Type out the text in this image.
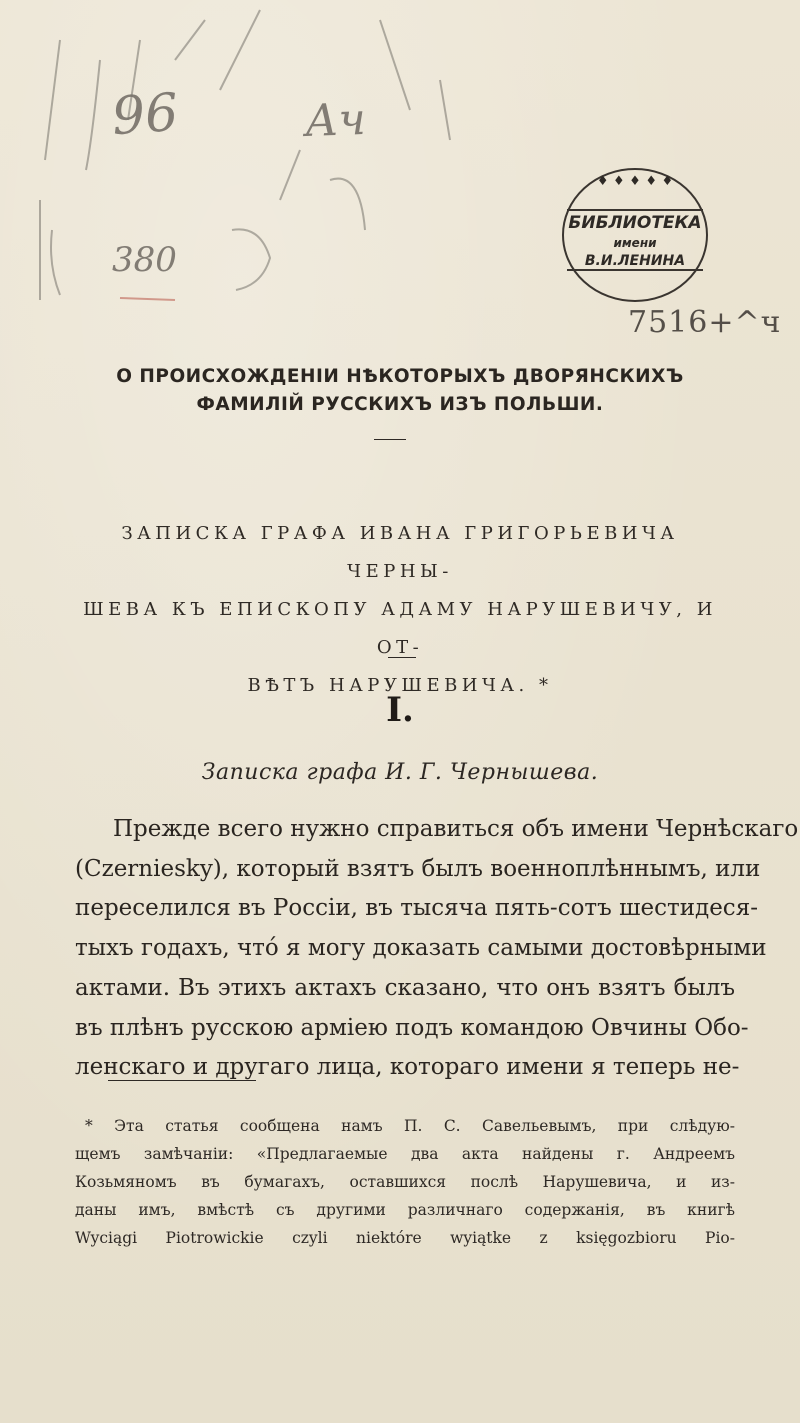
96	Ач
380
7516+^ч
♦ ♦ ♦ ♦ ♦
БИБЛИОТЕКА
имени
В.И.ЛЕНИНА
О ПРОИСХОЖДЕНІИ НѢКОТОРЫХЪ ДВОРЯНСКИХЪ
ФАМИЛІЙ РУССКИХЪ ИЗЪ ПОЛЬШИ.
ЗАПИСКА ГРАФА ИВАНА ГРИГОРЬЕВИЧА ЧЕРНЫ-
ШЕВА КЪ ЕПИСКОПУ АДАМУ НАРУШЕВИЧУ, И ОТ-
ВѢТЪ НАРУШЕВИЧА. *
I.
Записка графа И. Г. Чернышева.
Прежде всего нужно справиться объ имени Чернѣскаго
(Czerniesky), который взятъ былъ военноплѣннымъ, или
переселился въ Россіи, въ тысяча пять-сотъ шестидеся-
тыхъ годахъ, что́ я могу доказать самыми достовѣрными
актами. Въ этихъ актахъ сказано, что онъ взятъ былъ
въ плѣнъ русскою арміею подъ командою Овчины Обо-
ленскаго и другаго лица, котораго имени я теперь не-
* Эта статья сообщена намъ П. С. Савельевымъ, при слѣдую-
щемъ замѣчаніи: «Предлагаемые два акта найдены г. Андреемъ
Козьмяномъ въ бумагахъ, оставшихся послѣ Нарушевича, и из-
даны имъ, вмѣстѣ съ другими различнаго содержанія, въ книгѣ
Wyciągi Piotrowickie czyli niektóre wyiątke z księgozbioru Pio-
